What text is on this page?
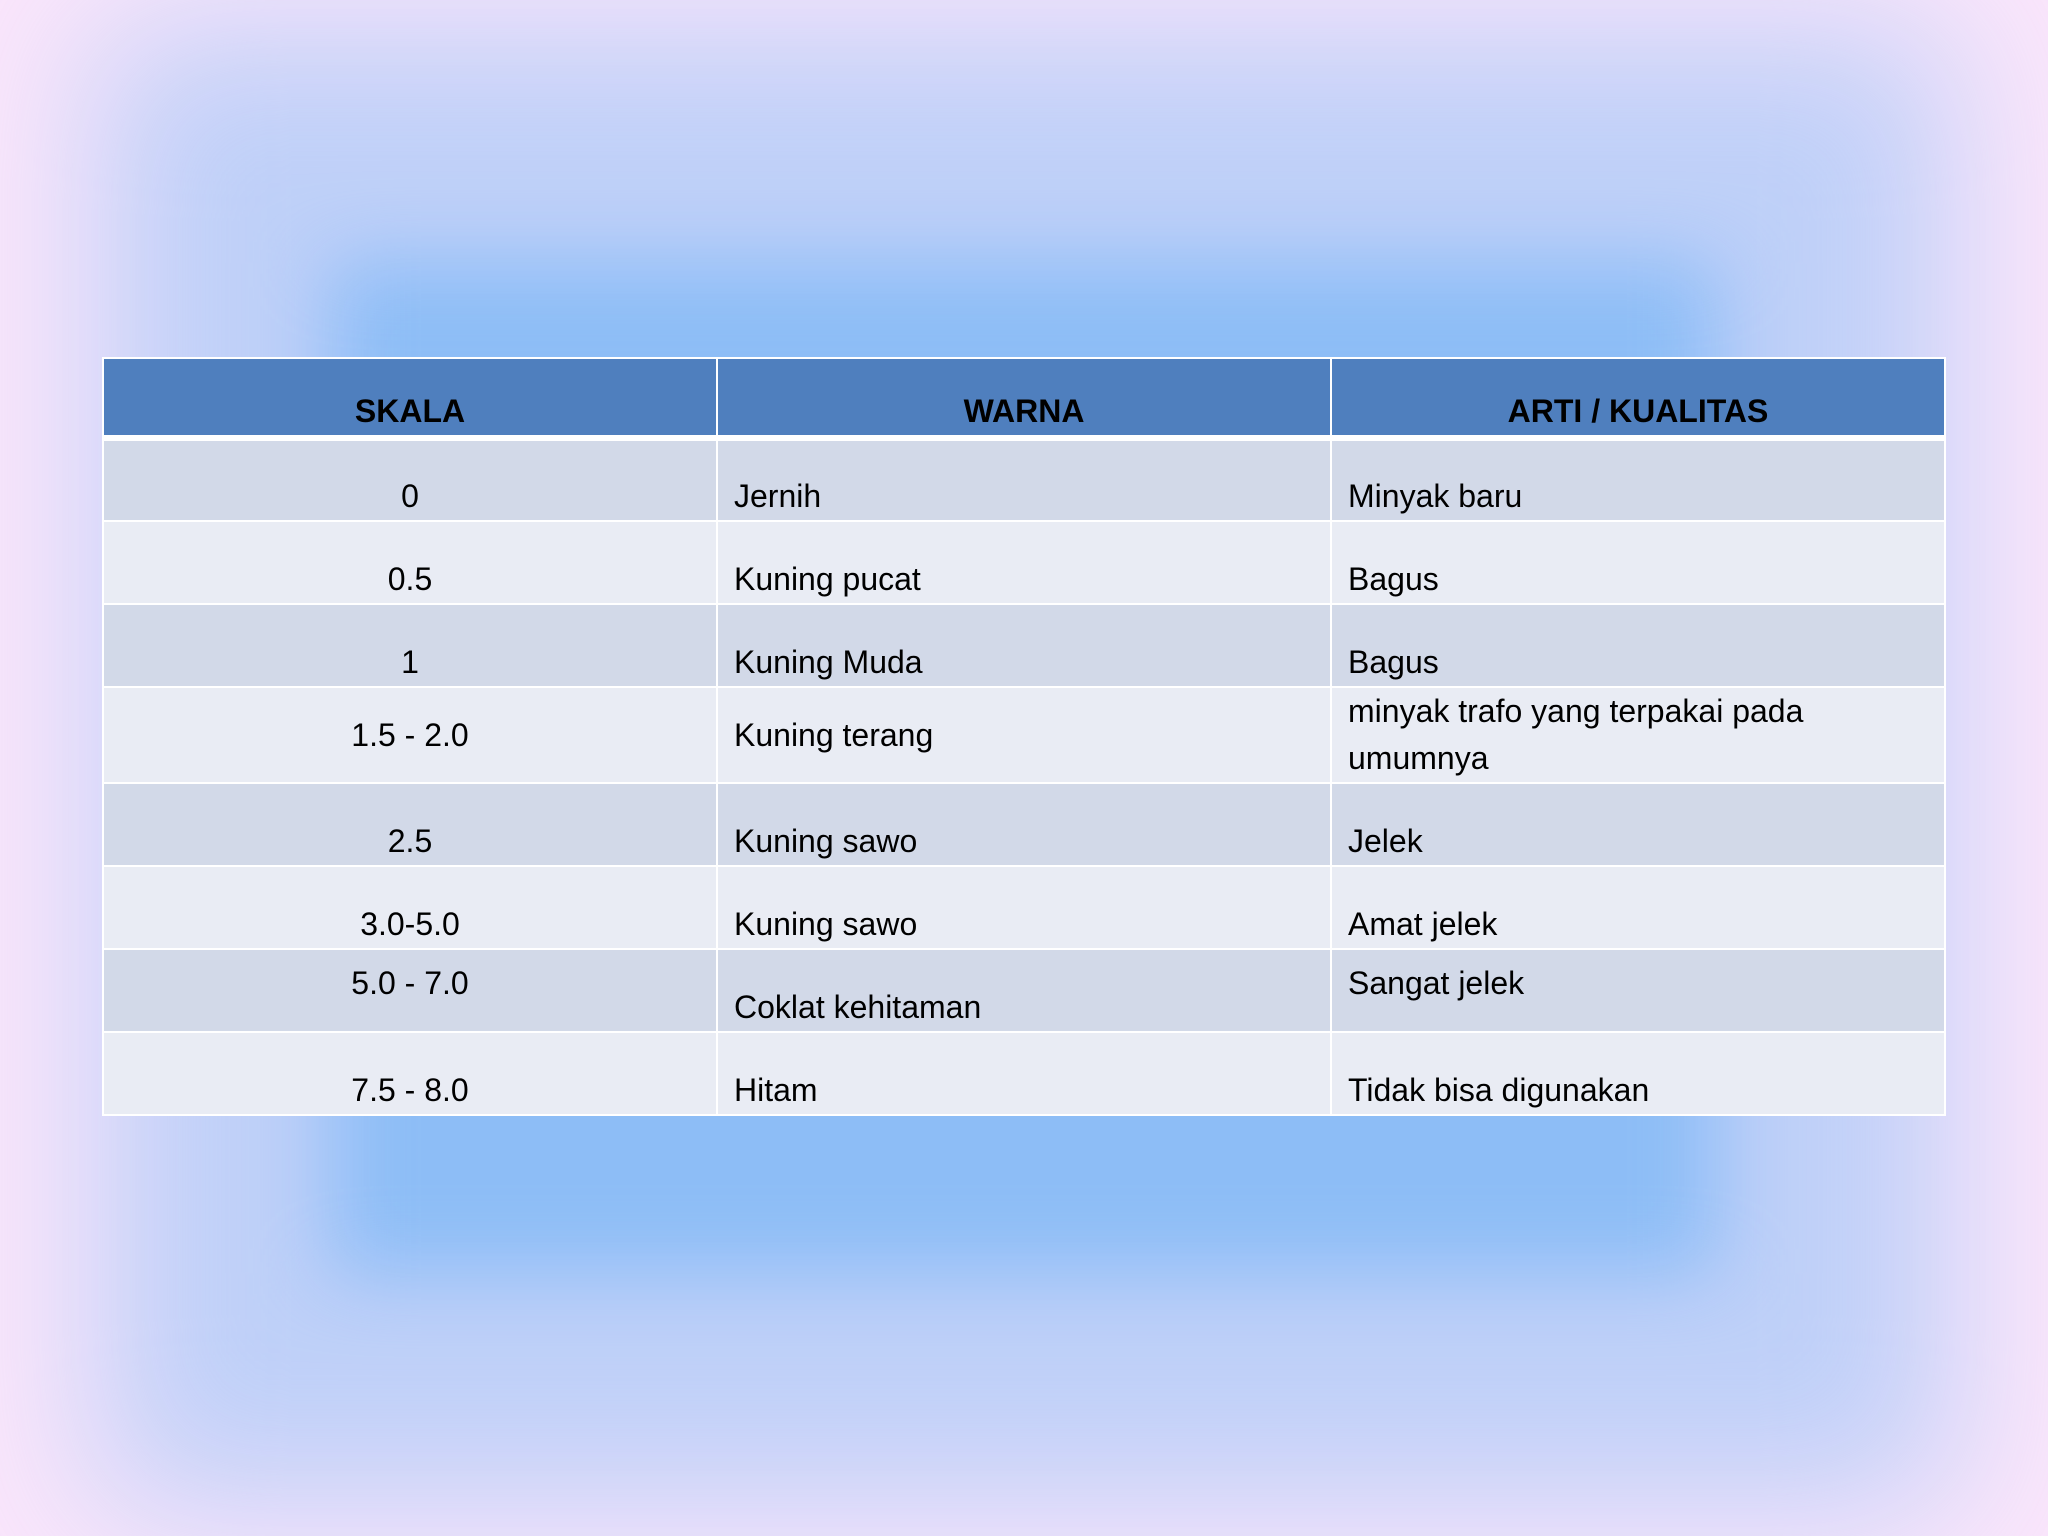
SKALA	WARNA	ARTI / KUALITAS
0	Jernih	Minyak baru
0.5	Kuning pucat	Bagus
1	Kuning Muda	Bagus
1.5 - 2.0	Kuning terang	minyak trafo yang terpakai pada umumnya
2.5	Kuning sawo	Jelek
3.0-5.0	Kuning sawo	Amat jelek
5.0 - 7.0	Coklat kehitaman	Sangat jelek
7.5 - 8.0	Hitam	Tidak bisa digunakan
